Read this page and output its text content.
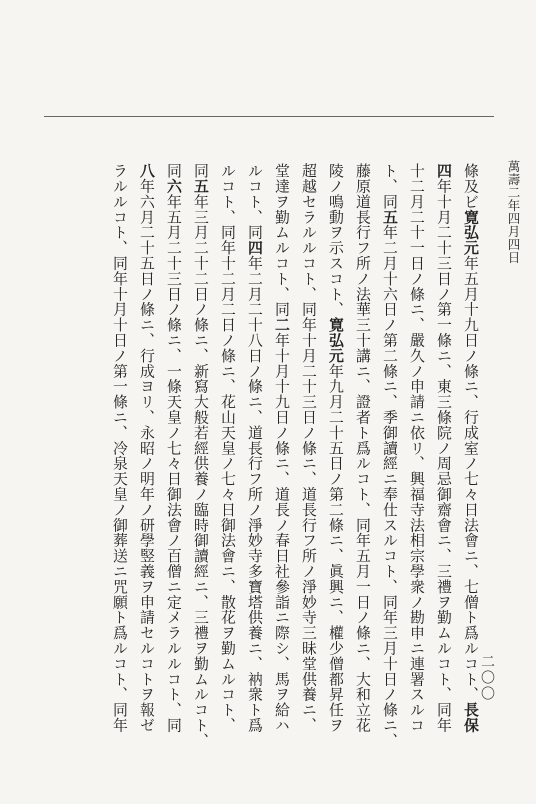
二〇〇
萬壽二年四月四日
條及ビ寛弘元年五月十九日ノ條ニ、行成室ノ七々日法會ニ、七僧ト爲ルコト、長保
四年十月二十三日ノ第一條ニ、東三條院ノ周忌御齋會ニ、三禮ヲ勤ムルコト、同年
十二月二十一日ノ條ニ、嚴久ノ申請ニ依リ、興福寺法相宗學衆ノ勘申ニ連署スルコ
ト、同五年二月十六日ノ第二條ニ、季御讀經ニ奉仕スルコト、同年三月十日ノ條ニ、
藤原道長行フ所ノ法華三十講ニ、證者ト爲ルコト、同年五月一日ノ條ニ、大和立花
陵ノ鳴動ヲ示スコト、寛弘元年九月二十五日ノ第二條ニ、眞興ニ、權少僧都昇任ヲ
超越セラルルコト、同年十月二十三日ノ條ニ、道長行フ所ノ淨妙寺三昧堂供養ニ、
堂達ヲ勤ムルコト、同二年十月十九日ノ條ニ、道長ノ春日社參詣ニ際シ、馬ヲ給ハ
ルコト、同四年二月二十八日ノ條ニ、道長行フ所ノ淨妙寺多寶塔供養ニ、衲衆ト爲
ルコト、同年十二月二日ノ條ニ、花山天皇ノ七々日御法會ニ、散花ヲ勤ムルコト、
同五年三月二十二日ノ條ニ、新寫大般若經供養ノ臨時御讀經ニ、三禮ヲ勤ムルコト、
同六年五月二十三日ノ條ニ、一條天皇ノ七々日御法會ノ百僧ニ定メラルルコト、同
八年六月二十五日ノ條ニ、行成ヨリ、永昭ノ明年ノ研學竪義ヲ申請セルコトヲ報ゼ
ラルルコト、同年十月十日ノ第一條ニ、冷泉天皇ノ御葬送ニ咒願ト爲ルコト、同年
